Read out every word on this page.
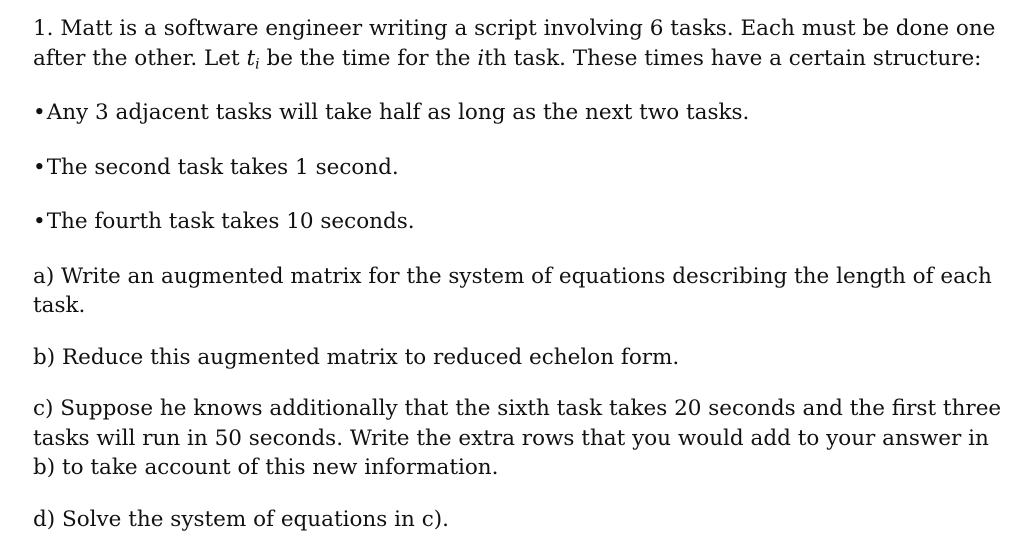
1. Matt is a software engineer writing a script involving 6 tasks. Each must be done one after the other. Let $t_i$ be the time for the ith task. These times have a certain structure:

•Any 3 adjacent tasks will take half as long as the next two tasks.

•The second task takes 1 second.

•The fourth task takes 10 seconds.

a) Write an augmented matrix for the system of equations describing the length of each task.

b) Reduce this augmented matrix to reduced echelon form.

c) Suppose he knows additionally that the sixth task takes 20 seconds and the first three tasks will run in 50 seconds. Write the extra rows that you would add to your answer in b) to take account of this new information.

d) Solve the system of equations in c).
